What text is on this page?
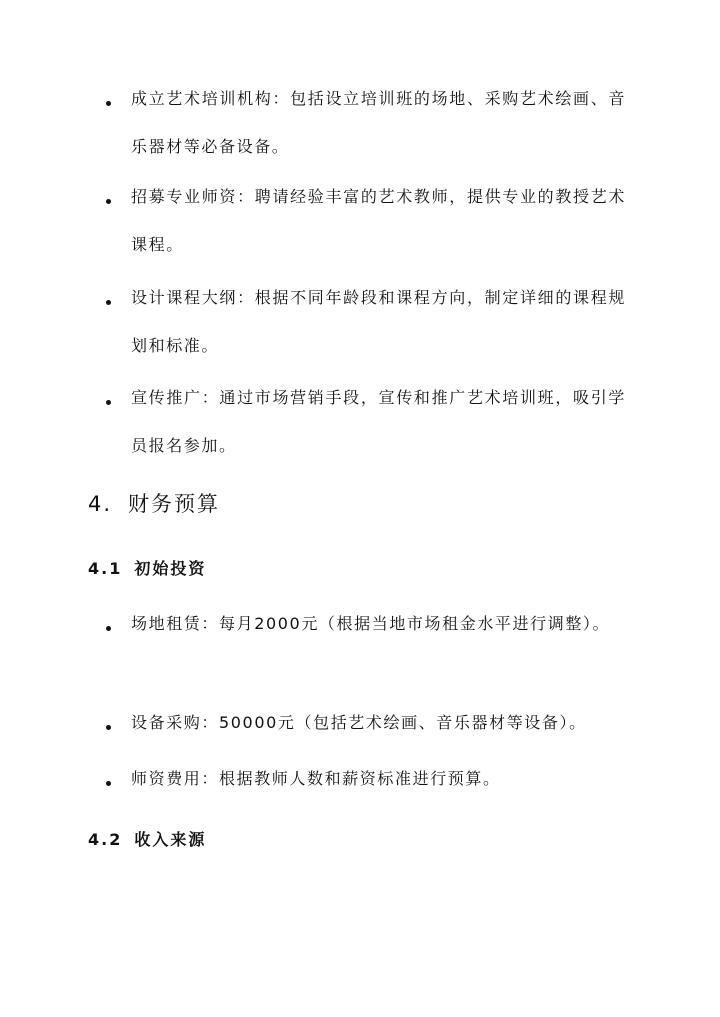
成立艺术培训机构：包括设立培训班的场地、采购艺术绘画、音乐器材等必备设备。
招募专业师资：聘请经验丰富的艺术教师，提供专业的教授艺术课程。
设计课程大纲：根据不同年龄段和课程方向，制定详细的课程规划和标准。
宣传推广：通过市场营销手段，宣传和推广艺术培训班，吸引学员报名参加。
4. 财务预算
4.1 初始投资
场地租赁：每月2000元（根据当地市场租金水平进行调整）。
设备采购：50000元（包括艺术绘画、音乐器材等设备）。
师资费用：根据教师人数和薪资标准进行预算。
4.2 收入来源
